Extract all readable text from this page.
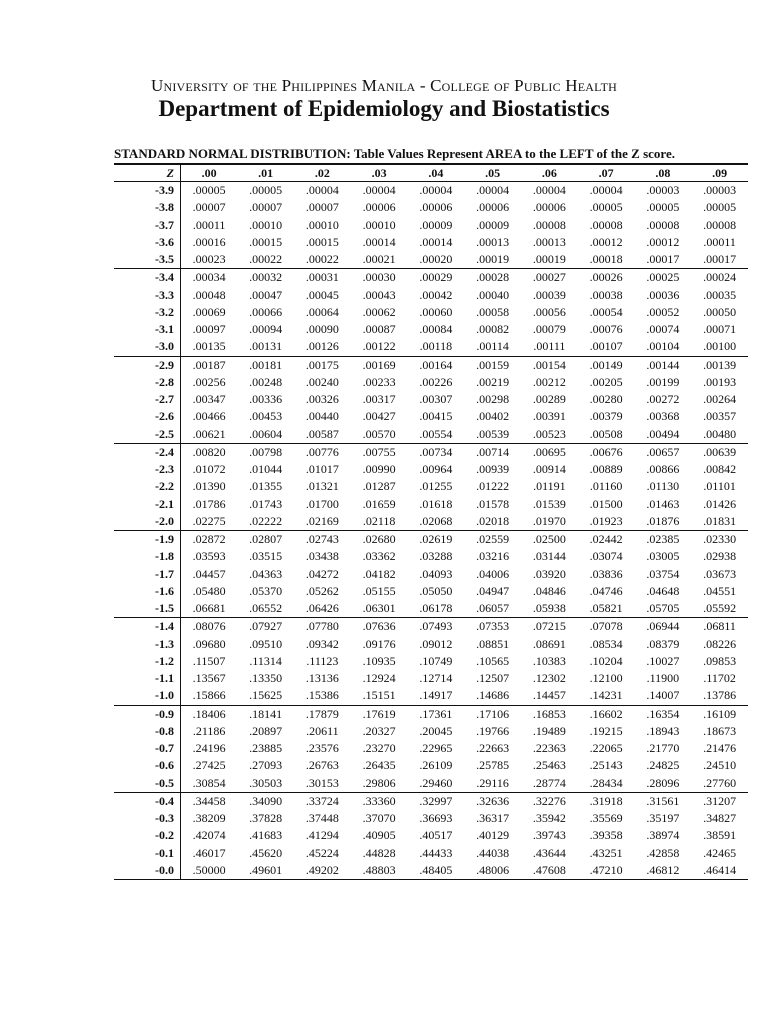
University of the Philippines Manila - College of Public Health
Department of Epidemiology and Biostatistics
STANDARD NORMAL DISTRIBUTION: Table Values Represent AREA to the LEFT of the Z score.
Z	.00	.01	.02	.03	.04	.05	.06	.07	.08	.09
-3.9	.00005	.00005	.00004	.00004	.00004	.00004	.00004	.00004	.00003	.00003
-3.8	.00007	.00007	.00007	.00006	.00006	.00006	.00006	.00005	.00005	.00005
-3.7	.00011	.00010	.00010	.00010	.00009	.00009	.00008	.00008	.00008	.00008
-3.6	.00016	.00015	.00015	.00014	.00014	.00013	.00013	.00012	.00012	.00011
-3.5	.00023	.00022	.00022	.00021	.00020	.00019	.00019	.00018	.00017	.00017
-3.4	.00034	.00032	.00031	.00030	.00029	.00028	.00027	.00026	.00025	.00024
-3.3	.00048	.00047	.00045	.00043	.00042	.00040	.00039	.00038	.00036	.00035
-3.2	.00069	.00066	.00064	.00062	.00060	.00058	.00056	.00054	.00052	.00050
-3.1	.00097	.00094	.00090	.00087	.00084	.00082	.00079	.00076	.00074	.00071
-3.0	.00135	.00131	.00126	.00122	.00118	.00114	.00111	.00107	.00104	.00100
-2.9	.00187	.00181	.00175	.00169	.00164	.00159	.00154	.00149	.00144	.00139
-2.8	.00256	.00248	.00240	.00233	.00226	.00219	.00212	.00205	.00199	.00193
-2.7	.00347	.00336	.00326	.00317	.00307	.00298	.00289	.00280	.00272	.00264
-2.6	.00466	.00453	.00440	.00427	.00415	.00402	.00391	.00379	.00368	.00357
-2.5	.00621	.00604	.00587	.00570	.00554	.00539	.00523	.00508	.00494	.00480
-2.4	.00820	.00798	.00776	.00755	.00734	.00714	.00695	.00676	.00657	.00639
-2.3	.01072	.01044	.01017	.00990	.00964	.00939	.00914	.00889	.00866	.00842
-2.2	.01390	.01355	.01321	.01287	.01255	.01222	.01191	.01160	.01130	.01101
-2.1	.01786	.01743	.01700	.01659	.01618	.01578	.01539	.01500	.01463	.01426
-2.0	.02275	.02222	.02169	.02118	.02068	.02018	.01970	.01923	.01876	.01831
-1.9	.02872	.02807	.02743	.02680	.02619	.02559	.02500	.02442	.02385	.02330
-1.8	.03593	.03515	.03438	.03362	.03288	.03216	.03144	.03074	.03005	.02938
-1.7	.04457	.04363	.04272	.04182	.04093	.04006	.03920	.03836	.03754	.03673
-1.6	.05480	.05370	.05262	.05155	.05050	.04947	.04846	.04746	.04648	.04551
-1.5	.06681	.06552	.06426	.06301	.06178	.06057	.05938	.05821	.05705	.05592
-1.4	.08076	.07927	.07780	.07636	.07493	.07353	.07215	.07078	.06944	.06811
-1.3	.09680	.09510	.09342	.09176	.09012	.08851	.08691	.08534	.08379	.08226
-1.2	.11507	.11314	.11123	.10935	.10749	.10565	.10383	.10204	.10027	.09853
-1.1	.13567	.13350	.13136	.12924	.12714	.12507	.12302	.12100	.11900	.11702
-1.0	.15866	.15625	.15386	.15151	.14917	.14686	.14457	.14231	.14007	.13786
-0.9	.18406	.18141	.17879	.17619	.17361	.17106	.16853	.16602	.16354	.16109
-0.8	.21186	.20897	.20611	.20327	.20045	.19766	.19489	.19215	.18943	.18673
-0.7	.24196	.23885	.23576	.23270	.22965	.22663	.22363	.22065	.21770	.21476
-0.6	.27425	.27093	.26763	.26435	.26109	.25785	.25463	.25143	.24825	.24510
-0.5	.30854	.30503	.30153	.29806	.29460	.29116	.28774	.28434	.28096	.27760
-0.4	.34458	.34090	.33724	.33360	.32997	.32636	.32276	.31918	.31561	.31207
-0.3	.38209	.37828	.37448	.37070	.36693	.36317	.35942	.35569	.35197	.34827
-0.2	.42074	.41683	.41294	.40905	.40517	.40129	.39743	.39358	.38974	.38591
-0.1	.46017	.45620	.45224	.44828	.44433	.44038	.43644	.43251	.42858	.42465
-0.0	.50000	.49601	.49202	.48803	.48405	.48006	.47608	.47210	.46812	.46414
